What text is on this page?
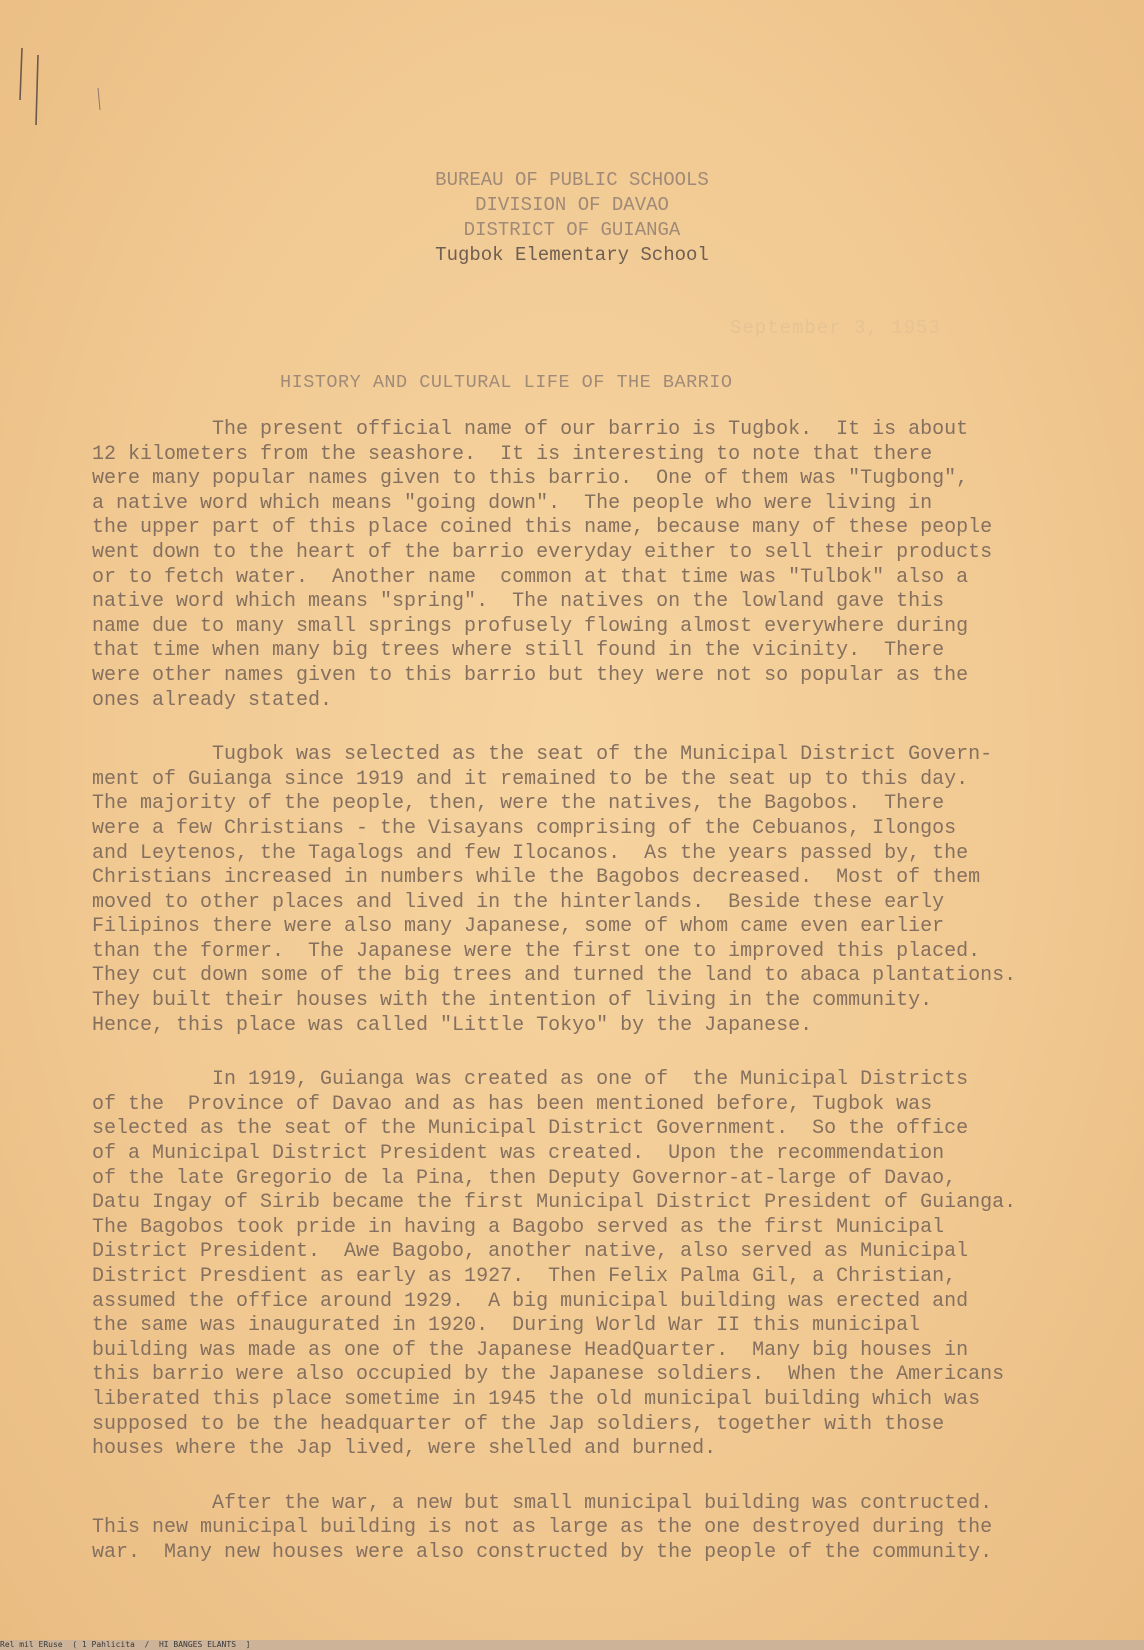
BUREAU OF PUBLIC SCHOOLS
DIVISION OF DAVAO
DISTRICT OF GUIANGA
Tugbok Elementary School
September 3, 1953
HISTORY AND CULTURAL LIFE OF THE BARRIO
The present official name of our barrio is Tugbok.  It is about
12 kilometers from the seashore.  It is interesting to note that there
were many popular names given to this barrio.  One of them was "Tugbong",
a native word which means "going down".  The people who were living in
the upper part of this place coined this name, because many of these people
went down to the heart of the barrio everyday either to sell their products
or to fetch water.  Another name  common at that time was "Tulbok" also a
native word which means "spring".  The natives on the lowland gave this
name due to many small springs profusely flowing almost everywhere during
that time when many big trees where still found in the vicinity.  There
were other names given to this barrio but they were not so popular as the
ones already stated.
Tugbok was selected as the seat of the Municipal District Govern-
ment of Guianga since 1919 and it remained to be the seat up to this day.
The majority of the people, then, were the natives, the Bagobos.  There
were a few Christians - the Visayans comprising of the Cebuanos, Ilongos
and Leytenos, the Tagalogs and few Ilocanos.  As the years passed by, the
Christians increased in numbers while the Bagobos decreased.  Most of them
moved to other places and lived in the hinterlands.  Beside these early
Filipinos there were also many Japanese, some of whom came even earlier
than the former.  The Japanese were the first one to improved this placed.
They cut down some of the big trees and turned the land to abaca plantations.
They built their houses with the intention of living in the community.
Hence, this place was called "Little Tokyo" by the Japanese.
In 1919, Guianga was created as one of  the Municipal Districts
of the  Province of Davao and as has been mentioned before, Tugbok was
selected as the seat of the Municipal District Government.  So the office
of a Municipal District President was created.  Upon the recommendation
of the late Gregorio de la Pina, then Deputy Governor-at-large of Davao,
Datu Ingay of Sirib became the first Municipal District President of Guianga.
The Bagobos took pride in having a Bagobo served as the first Municipal
District President.  Awe Bagobo, another native, also served as Municipal
District Presdient as early as 1927.  Then Felix Palma Gil, a Christian,
assumed the office around 1929.  A big municipal building was erected and
the same was inaugurated in 1920.  During World War II this municipal
building was made as one of the Japanese HeadQuarter.  Many big houses in
this barrio were also occupied by the Japanese soldiers.  When the Americans
liberated this place sometime in 1945 the old municipal building which was
supposed to be the headquarter of the Jap soldiers, together with those
houses where the Jap lived, were shelled and burned.
After the war, a new but small municipal building was contructed.
This new municipal building is not as large as the one destroyed during the
war.  Many new houses were also constructed by the people of the community.
Rel mil ERuse  ( 1 Pahlicita  /  HI BANGES ELANTS  ]
